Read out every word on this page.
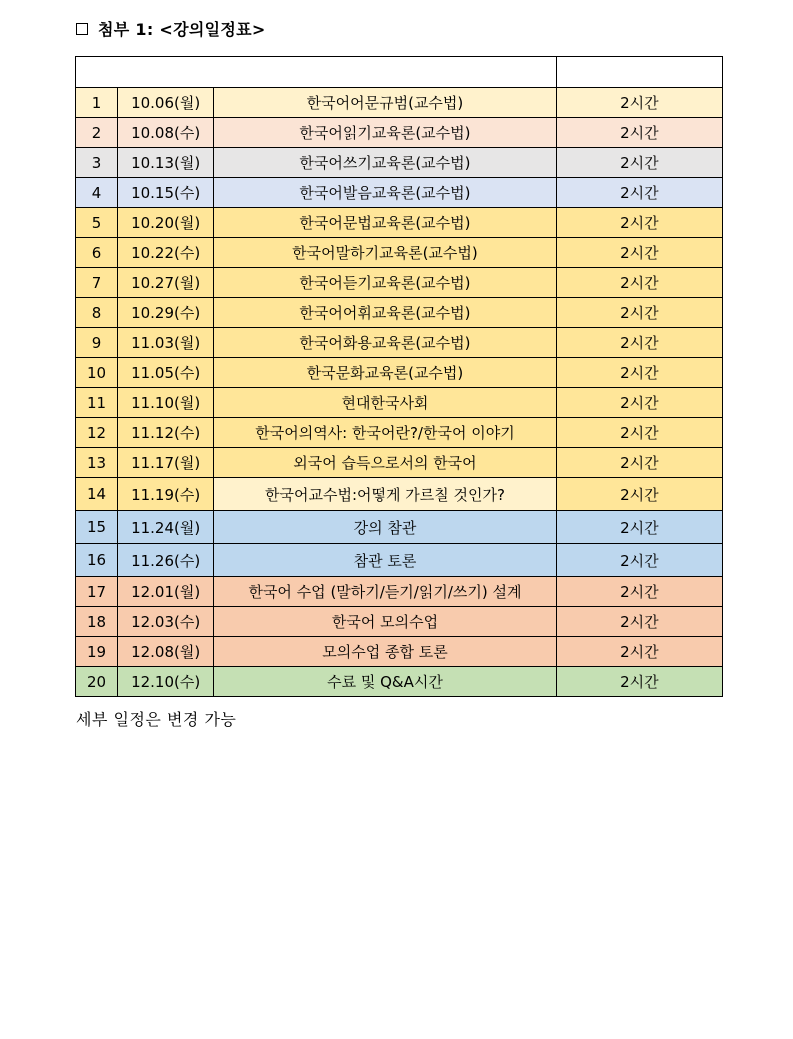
첨부 1: <강의일정표>

1	10.06(월)	한국어어문규범(교수법)	2시간
2	10.08(수)	한국어읽기교육론(교수법)	2시간
3	10.13(월)	한국어쓰기교육론(교수법)	2시간
4	10.15(수)	한국어발음교육론(교수법)	2시간
5	10.20(월)	한국어문법교육론(교수법)	2시간
6	10.22(수)	한국어말하기교육론(교수법)	2시간
7	10.27(월)	한국어듣기교육론(교수법)	2시간
8	10.29(수)	한국어어휘교육론(교수법)	2시간
9	11.03(월)	한국어화용교육론(교수법)	2시간
10	11.05(수)	한국문화교육론(교수법)	2시간
11	11.10(월)	현대한국사회	2시간
12	11.12(수)	한국어의역사: 한국어란?/한국어 이야기	2시간
13	11.17(월)	외국어 습득으로서의 한국어	2시간
14	11.19(수)	한국어교수법:어떻게 가르칠 것인가?	2시간
15	11.24(월)	강의 참관	2시간
16	11.26(수)	참관 토론	2시간
17	12.01(월)	한국어 수업 (말하기/듣기/읽기/쓰기) 설계	2시간
18	12.03(수)	한국어 모의수업	2시간
19	12.08(월)	모의수업 종합 토론	2시간
20	12.10(수)	수료 및 Q&A시간	2시간
세부 일정은 변경 가능
